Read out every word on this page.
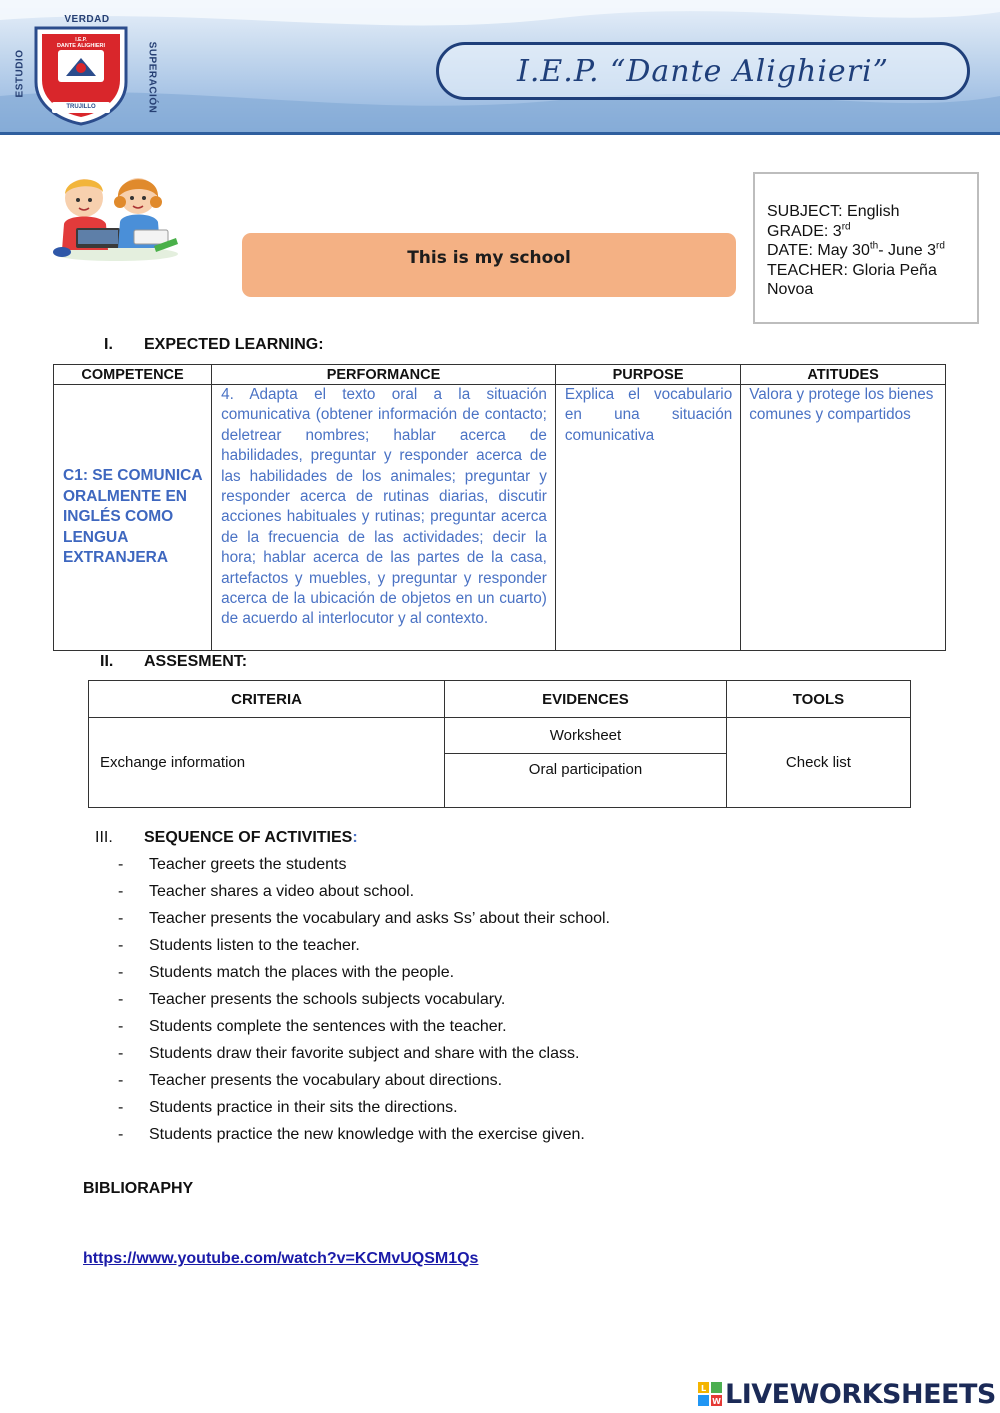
VERDAD
ESTUDIO	SUPERACIÓN
I.E.P.
DANTE ALIGHIERI
TRUJILLO
I.E.P. “Dante Alighieri”
This is my school
SUBJECT: English
GRADE: 3rd
DATE: May 30th- June 3rd
TEACHER: Gloria Peña Novoa
I. EXPECTED LEARNING:
COMPETENCE	PERFORMANCE	PURPOSE	ATITUDES
C1: SE COMUNICA ORALMENTE EN INGLÉS COMO LENGUA EXTRANJERA	4. Adapta el texto oral a la situación comunicativa (obtener información de contacto; deletrear nombres; hablar acerca de habilidades, preguntar y responder acerca de las habilidades de los animales; preguntar y responder acerca de rutinas diarias, discutir acciones habituales y rutinas; preguntar acerca de la frecuencia de las actividades; decir la hora; hablar acerca de las partes de la casa, artefactos y muebles, y preguntar y responder acerca de la ubicación de objetos en un cuarto) de acuerdo al interlocutor y al contexto.	Explica el vocabulario en una situación comunicativa	Valora y protege los bienes comunes y compartidos
II. ASSESMENT:
CRITERIA	EVIDENCES	TOOLS
Exchange information	Worksheet	Check list
	Oral participation	
III. SEQUENCE OF ACTIVITIES:
- Teacher greets the students
- Teacher shares a video about school.
- Teacher presents the vocabulary and asks Ss’ about their school.
- Students listen to the teacher.
- Students match the places with the people.
- Teacher presents the schools subjects vocabulary.
- Students complete the sentences with the teacher.
- Students draw their favorite subject and share with the class.
- Teacher presents the vocabulary about directions.
- Students practice in their sits the directions.
- Students practice the new knowledge with the exercise given.
BIBLIORAPHY
https://www.youtube.com/watch?v=KCMvUQSM1Qs
L
W LIVEWORKSHEETS
